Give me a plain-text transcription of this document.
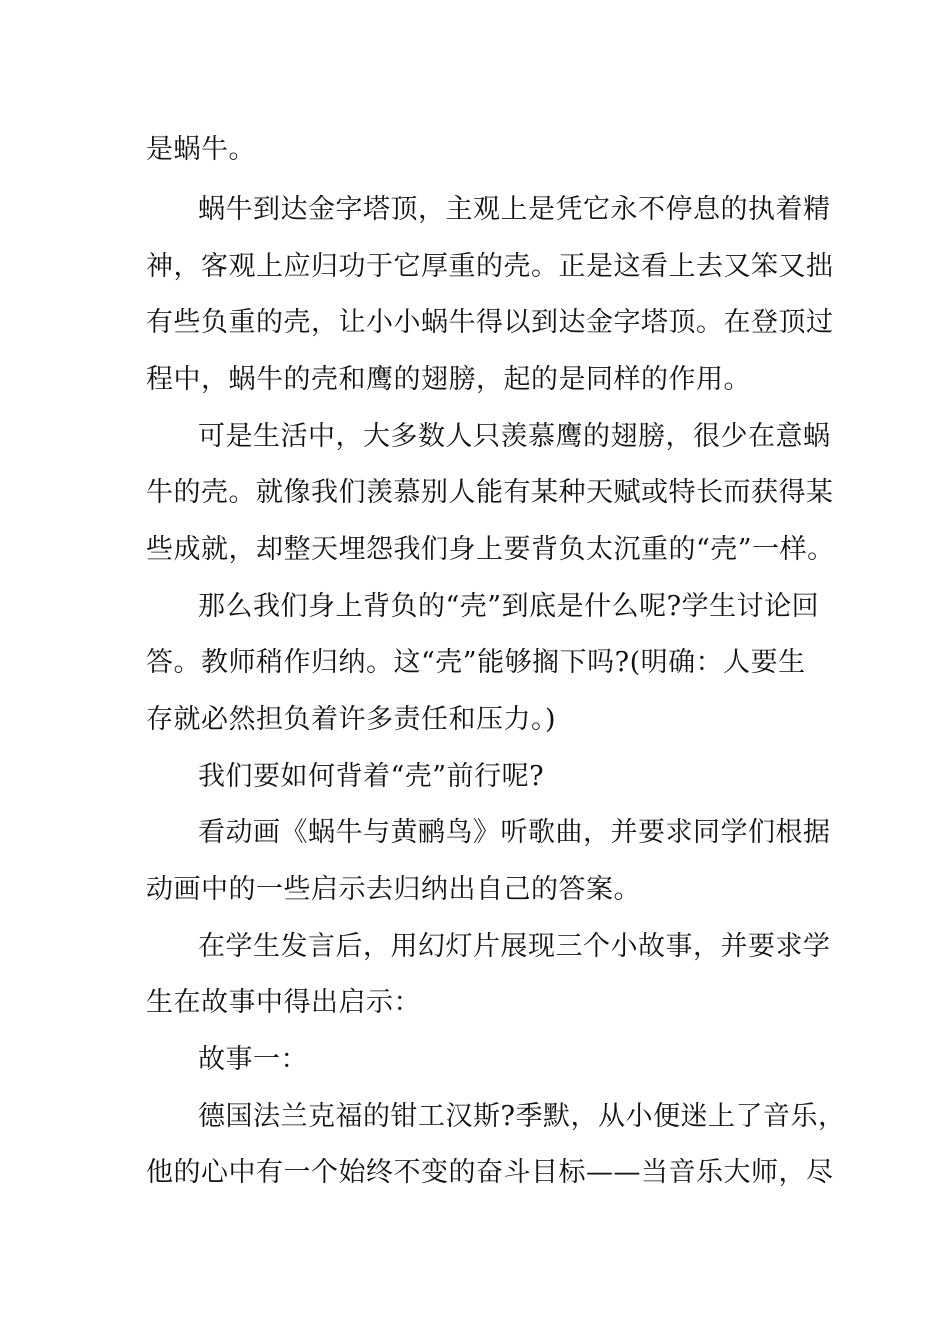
是蜗牛。
蜗牛到达金字塔顶，主观上是凭它永不停息的执着精
神，客观上应归功于它厚重的壳。正是这看上去又笨又拙
有些负重的壳，让小小蜗牛得以到达金字塔顶。在登顶过
程中，蜗牛的壳和鹰的翅膀，起的是同样的作用。
可是生活中，大多数人只羡慕鹰的翅膀，很少在意蜗
牛的壳。就像我们羡慕别人能有某种天赋或特长而获得某
些成就，却整天埋怨我们身上要背负太沉重的“壳”一样。
那么我们身上背负的“壳”到底是什么呢?学生讨论回
答。教师稍作归纳。这“壳”能够搁下吗?(明确：人要生
存就必然担负着许多责任和压力。)
我们要如何背着“壳”前行呢?
看动画《蜗牛与黄鹂鸟》听歌曲，并要求同学们根据
动画中的一些启示去归纳出自己的答案。
在学生发言后，用幻灯片展现三个小故事，并要求学
生在故事中得出启示：
故事一：
德国法兰克福的钳工汉斯?季默，从小便迷上了音乐，
他的心中有一个始终不变的奋斗目标——当音乐大师，尽
